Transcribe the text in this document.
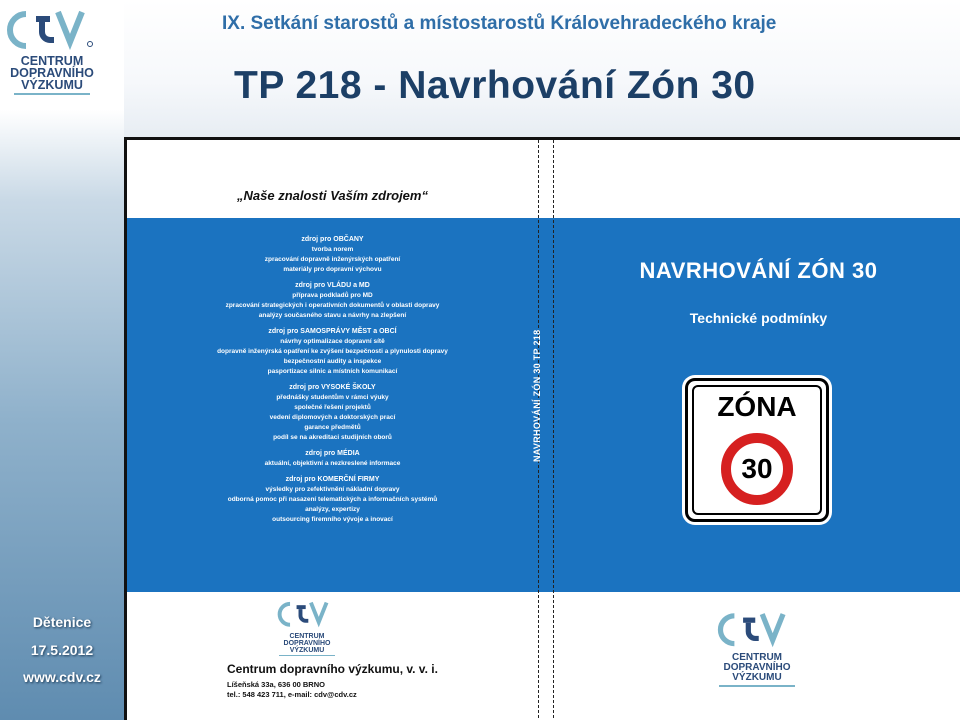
CENTRUM
DOPRAVNÍHO
VÝZKUMU
Dětenice
17.5.2012
www.cdv.cz
IX. Setkání starostů a místostarostů Královehradeckého kraje
TP 218 - Navrhování Zón 30
„Naše znalosti Vaším zdrojem“
zdroj pro OBČANY
tvorba norem
zpracování dopravně inženýrských opatření
materiály pro dopravní výchovu
zdroj pro VLÁDU a MD
příprava podkladů pro MD
zpracování strategických i operativních dokumentů v oblasti dopravy
analýzy současného stavu a návrhy na zlepšení
zdroj pro SAMOSPRÁVY MĚST a OBCÍ
návrhy optimalizace dopravní sítě
dopravně inženýrská opatření ke zvýšení bezpečnosti a plynulosti dopravy
bezpečnostní audity a inspekce
pasportizace silnic a místních komunikací
zdroj pro VYSOKÉ ŠKOLY
přednášky studentům v rámci výuky
společné řešení projektů
vedení diplomových a doktorských prací
garance předmětů
podíl se na akreditaci studijních oborů
zdroj pro MÉDIA
aktuální, objektivní a nezkreslené informace
zdroj pro KOMERČNÍ FIRMY
výsledky pro zefektivnění nákladní dopravy
odborná pomoc při nasazení telematických a informačních systémů
analýzy, expertizy
outsourcing firemního vývoje a inovací
CENTRUM
DOPRAVNÍHO
VÝZKUMU
Centrum dopravního výzkumu, v. v. i.
Líšeňská 33a, 636 00 BRNO
tel.: 548 423 711, e-mail: cdv@cdv.cz
NAVRHOVÁNÍ ZÓN 30 TP 218
NAVRHOVÁNÍ ZÓN 30
Technické podmínky
ZÓNA
30
CENTRUM
DOPRAVNÍHO
VÝZKUMU
